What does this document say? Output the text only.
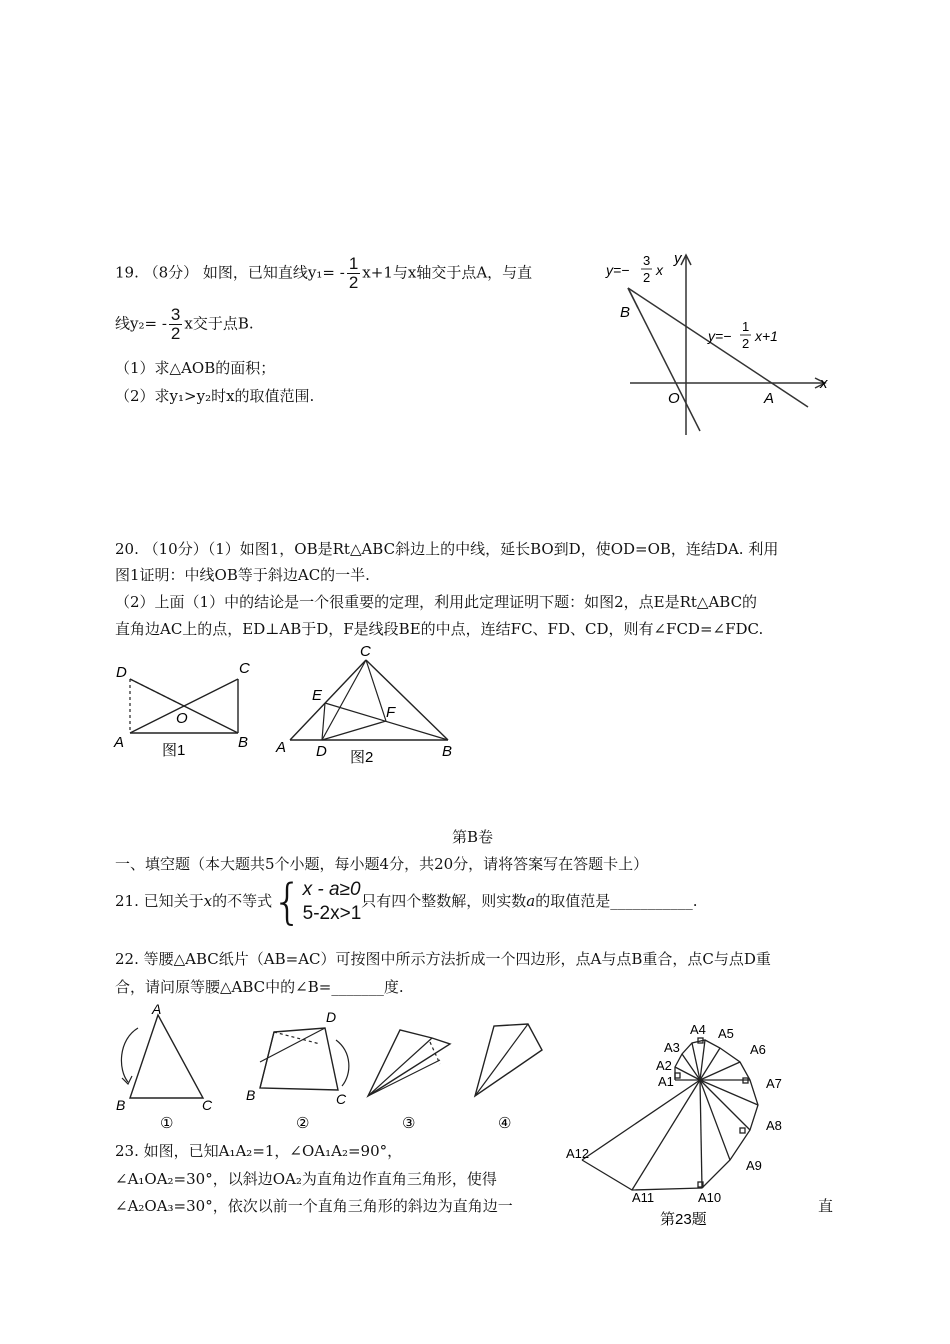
19. （8分） 如图，已知直线$y_1= - \frac{1}{2} x+1$与x轴交于点A，与直
线$y_2= - \frac{3}{2}$ x交于点B.
（1）求△AOB的面积；
（2）求y₁>y₂时x的取值范围.
y=−
3
2 x
y=−
1
2 x+1
y
x
B
O	A
20. （10分）（1）如图1，OB是Rt△ABC斜边上的中线，延长BO到D，使OD=OB，连结DA. 利用
图1证明：中线OB等于斜边AC的一半.
（2）上面（1）中的结论是一个很重要的定理，利用此定理证明下题：如图2，点E是Rt△ABC的
直角边AC上的点，ED⊥AB于D，F是线段BE的中点，连结FC、FD、CD，则有∠FCD=∠FDC.
D	C
O
A	B
图1
C
E
F
A D	B
图2
第B卷
一、填空题（本大题共5个小题，每小题4分，共20分，请将答案写在答题卡上）
21. 已知关于x的不等式{ x - a≥0
5-2x>1
只有四个整数解，则实数a的取值范是___________.
22. 等腰△ABC纸片（AB=AC）可按图中所示方法折成一个四边形，点A与点B重合，点C与点D重
合，请问原等腰△ABC中的∠B=_______度.
A
B	C
①
D
B	C
②	③	④
23. 如图，已知A₁A₂=1，∠OA₁A₂=90°，
∠A₁OA₂=30°，以斜边OA₂为直角边作直角三角形，使得
∠A₂OA₃=30°，依次以前一个直角三角形的斜边为直角边一	直
A1
A2
A3
A4 A5
A6
A7
A8
A9
A10
A11
A12
第23题
